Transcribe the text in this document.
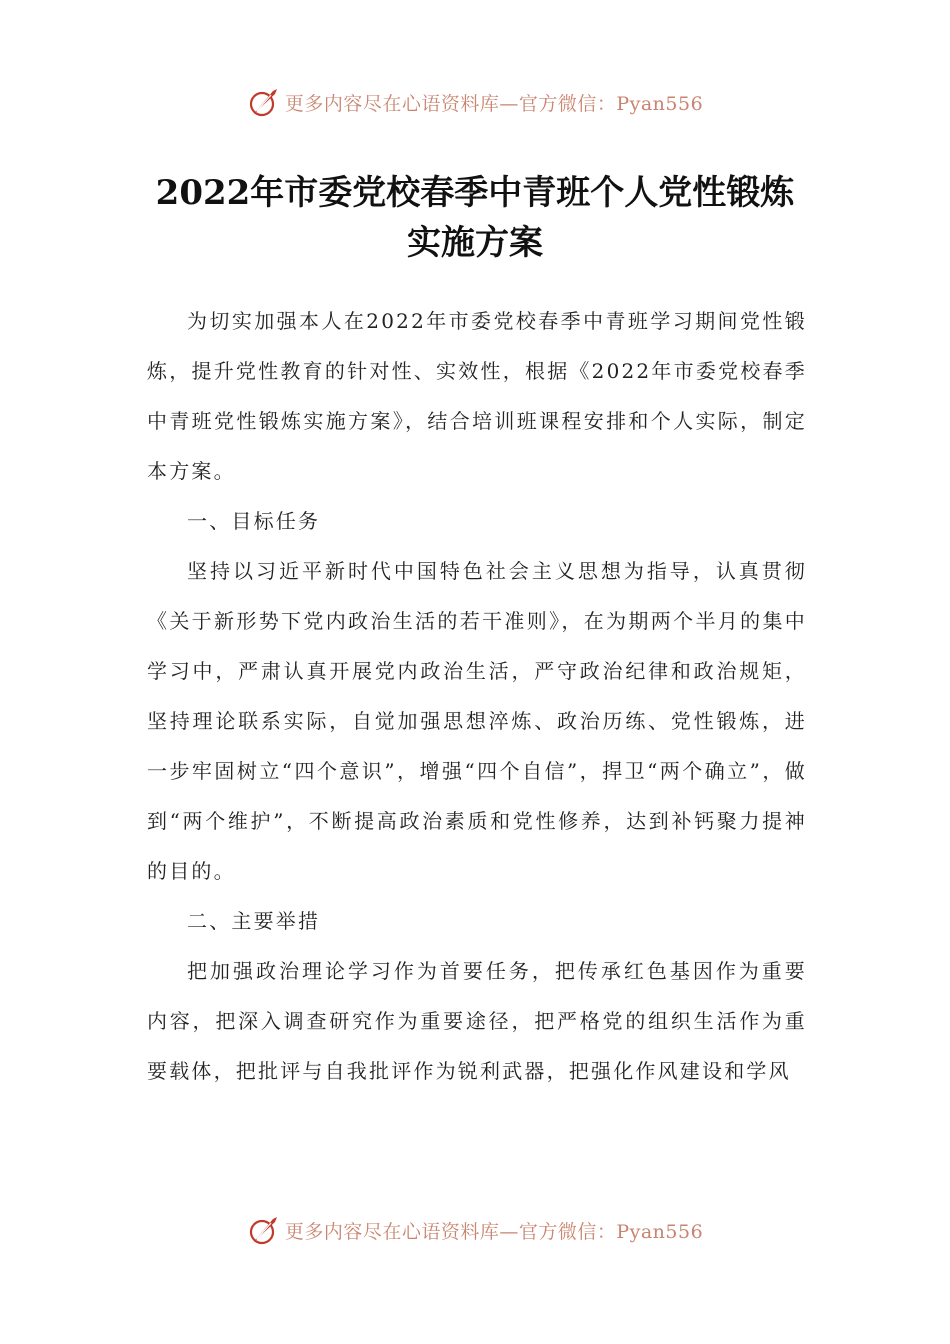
更多内容尽在心语资料库—官方微信：Pyan556
2022年市委党校春季中青班个人党性锻炼
实施方案

为切实加强本人在2022年市委党校春季中青班学习期间党性锻炼，提升党性教育的针对性、实效性，根据《2022年市委党校春季中青班党性锻炼实施方案》，结合培训班课程安排和个人实际，制定本方案。

一、目标任务

坚持以习近平新时代中国特色社会主义思想为指导，认真贯彻《关于新形势下党内政治生活的若干准则》，在为期两个半月的集中学习中，严肃认真开展党内政治生活，严守政治纪律和政治规矩，坚持理论联系实际，自觉加强思想淬炼、政治历练、党性锻炼，进一步牢固树立“四个意识”，增强“四个自信”，捍卫“两个确立”，做到“两个维护”，不断提高政治素质和党性修养，达到补钙聚力提神的目的。

二、主要举措

把加强政治理论学习作为首要任务，把传承红色基因作为重要内容，把深入调查研究作为重要途径，把严格党的组织生活作为重要载体，把批评与自我批评作为锐利武器，把强化作风建设和学风

更多内容尽在心语资料库—官方微信：Pyan556
